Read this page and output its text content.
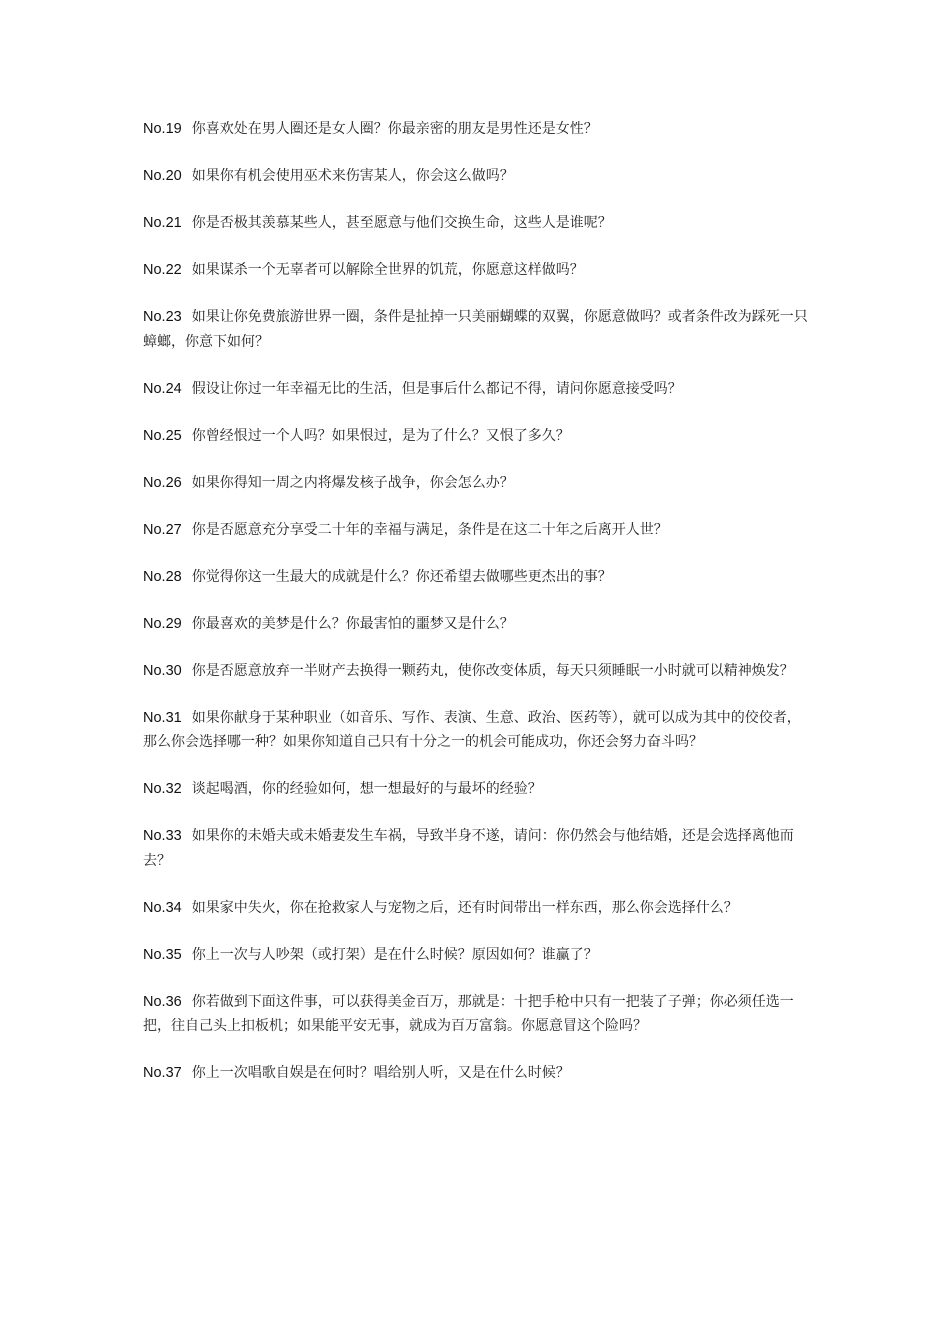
No.19 你喜欢处在男人圈还是女人圈？你最亲密的朋友是男性还是女性？

No.20 如果你有机会使用巫术来伤害某人，你会这么做吗？

No.21 你是否极其羡慕某些人，甚至愿意与他们交换生命，这些人是谁呢？

No.22 如果谋杀一个无辜者可以解除全世界的饥荒，你愿意这样做吗？

No.23 如果让你免费旅游世界一圈，条件是扯掉一只美丽蝴蝶的双翼，你愿意做吗？或者条件改为踩死一只蟑螂，你意下如何？

No.24 假设让你过一年幸福无比的生活，但是事后什么都记不得，请问你愿意接受吗？

No.25 你曾经恨过一个人吗？如果恨过，是为了什么？又恨了多久？

No.26 如果你得知一周之内将爆发核子战争，你会怎么办？

No.27 你是否愿意充分享受二十年的幸福与满足，条件是在这二十年之后离开人世？

No.28 你觉得你这一生最大的成就是什么？你还希望去做哪些更杰出的事？

No.29 你最喜欢的美梦是什么？你最害怕的噩梦又是什么？

No.30 你是否愿意放弃一半财产去换得一颗药丸，使你改变体质，每天只须睡眠一小时就可以精神焕发？

No.31 如果你献身于某种职业（如音乐、写作、表演、生意、政治、医药等），就可以成为其中的佼佼者，那么你会选择哪一种？如果你知道自己只有十分之一的机会可能成功，你还会努力奋斗吗？

No.32 谈起喝酒，你的经验如何，想一想最好的与最坏的经验？

No.33 如果你的未婚夫或未婚妻发生车祸，导致半身不遂，请问：你仍然会与他结婚，还是会选择离他而去？

No.34 如果家中失火，你在抢救家人与宠物之后，还有时间带出一样东西，那么你会选择什么？

No.35 你上一次与人吵架（或打架）是在什么时候？原因如何？谁赢了？

No.36 你若做到下面这件事，可以获得美金百万，那就是：十把手枪中只有一把装了子弹；你必须任选一把，往自己头上扣板机；如果能平安无事，就成为百万富翁。你愿意冒这个险吗？

No.37 你上一次唱歌自娱是在何时？唱给别人听，又是在什么时候？
